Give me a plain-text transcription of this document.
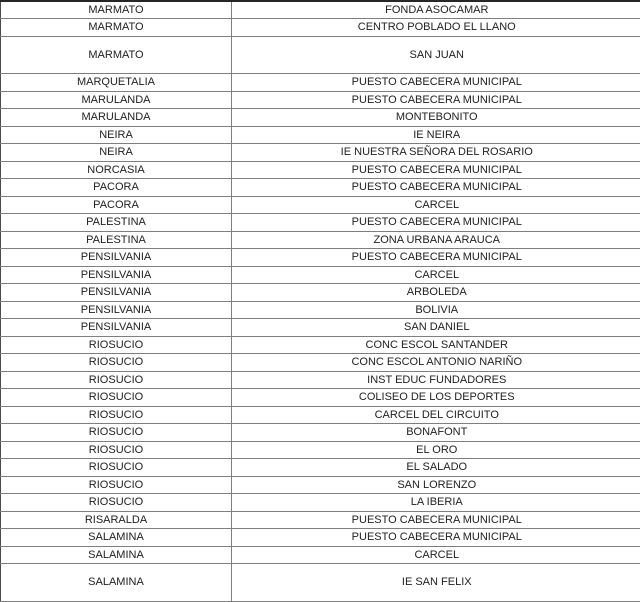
MARMATO	FONDA ASOCAMAR
MARMATO	CENTRO POBLADO EL LLANO
MARMATO	SAN JUAN
MARQUETALIA	PUESTO CABECERA MUNICIPAL
MARULANDA	PUESTO CABECERA MUNICIPAL
MARULANDA	MONTEBONITO
NEIRA	IE NEIRA
NEIRA	IE NUESTRA SEÑORA DEL ROSARIO
NORCASIA	PUESTO CABECERA MUNICIPAL
PACORA	PUESTO CABECERA MUNICIPAL
PACORA	CARCEL
PALESTINA	PUESTO CABECERA MUNICIPAL
PALESTINA	ZONA URBANA ARAUCA
PENSILVANIA	PUESTO CABECERA MUNICIPAL
PENSILVANIA	CARCEL
PENSILVANIA	ARBOLEDA
PENSILVANIA	BOLIVIA
PENSILVANIA	SAN DANIEL
RIOSUCIO	CONC ESCOL SANTANDER
RIOSUCIO	CONC ESCOL ANTONIO NARIÑO
RIOSUCIO	INST EDUC FUNDADORES
RIOSUCIO	COLISEO DE LOS DEPORTES
RIOSUCIO	CARCEL DEL CIRCUITO
RIOSUCIO	BONAFONT
RIOSUCIO	EL ORO
RIOSUCIO	EL SALADO
RIOSUCIO	SAN LORENZO
RIOSUCIO	LA IBERIA
RISARALDA	PUESTO CABECERA MUNICIPAL
SALAMINA	PUESTO CABECERA MUNICIPAL
SALAMINA	CARCEL
SALAMINA	IE SAN FELIX
